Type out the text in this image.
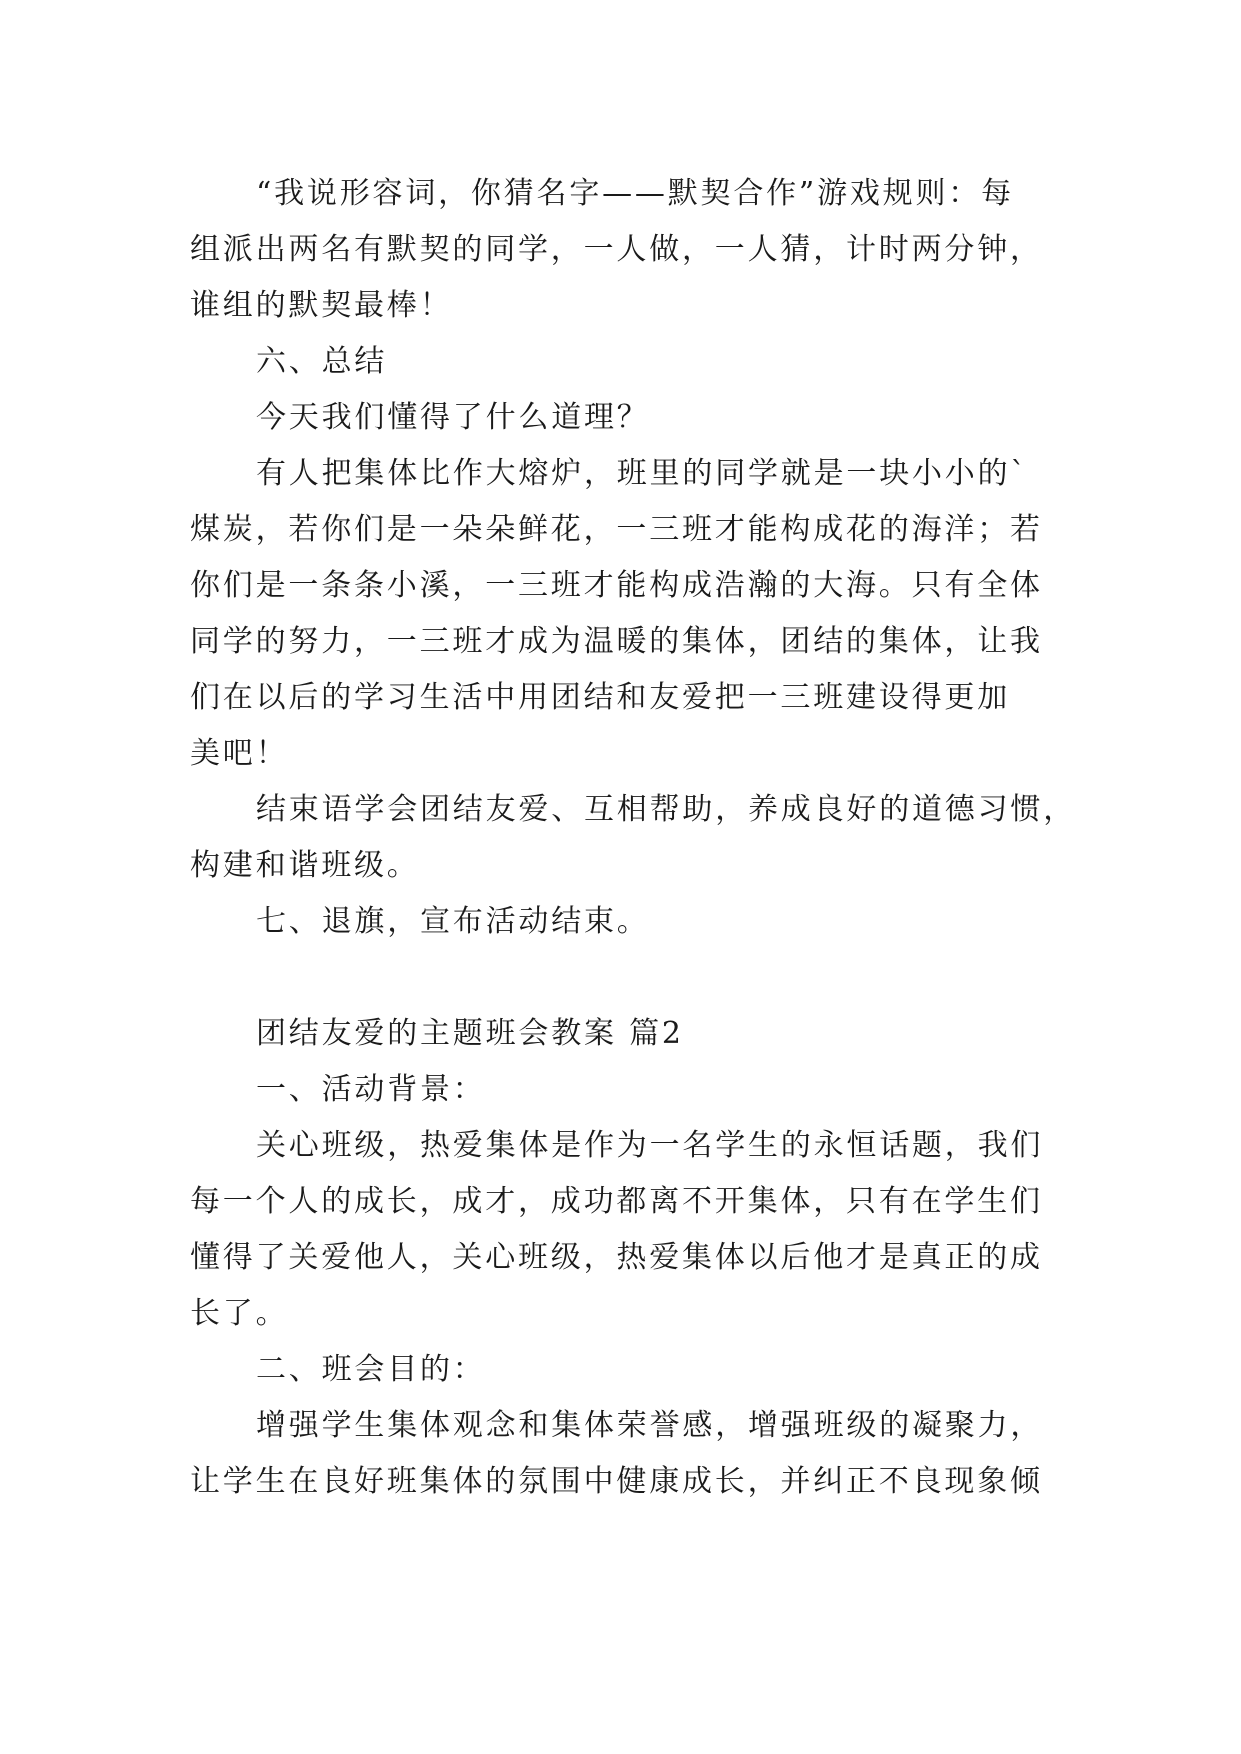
“我说形容词，你猜名字——默契合作”游戏规则：每
组派出两名有默契的同学，一人做，一人猜，计时两分钟，
谁组的默契最棒！
六、总结
今天我们懂得了什么道理？
有人把集体比作大熔炉，班里的同学就是一块小小的`
煤炭，若你们是一朵朵鲜花，一三班才能构成花的海洋；若
你们是一条条小溪，一三班才能构成浩瀚的大海。只有全体
同学的努力，一三班才成为温暖的集体，团结的集体，让我
们在以后的学习生活中用团结和友爱把一三班建设得更加
美吧！
结束语学会团结友爱、互相帮助，养成良好的道德习惯，
构建和谐班级。
七、退旗，宣布活动结束。
团结友爱的主题班会教案 篇2
一、活动背景：
关心班级，热爱集体是作为一名学生的永恒话题，我们
每一个人的成长，成才，成功都离不开集体，只有在学生们
懂得了关爱他人，关心班级，热爱集体以后他才是真正的成
长了。
二、班会目的：
增强学生集体观念和集体荣誉感，增强班级的凝聚力，
让学生在良好班集体的氛围中健康成长，并纠正不良现象倾
